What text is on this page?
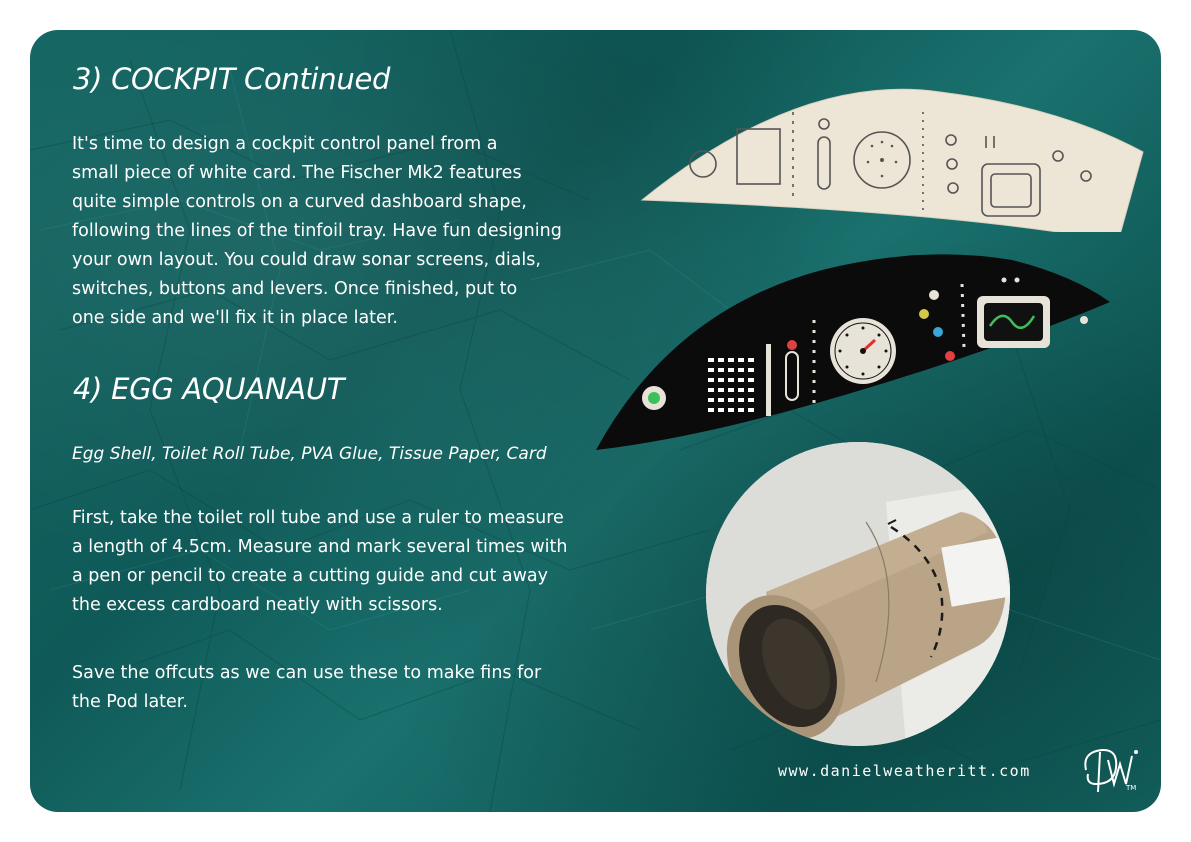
3) COCKPIT Continued
It's time to design a cockpit control panel from a
small piece of white card. The Fischer Mk2 features
quite simple controls on a curved dashboard shape,
following the lines of the tinfoil tray. Have fun designing
your own layout. You could draw sonar screens, dials,
switches, buttons and levers. Once finished, put to
one side and we'll fix it in place later.
4) EGG AQUANAUT
Egg Shell, Toilet Roll Tube, PVA Glue, Tissue Paper, Card
First, take the toilet roll tube and use a ruler to measure
a length of 4.5cm. Measure and mark several times with
a pen or pencil to create a cutting guide and cut away
the excess cardboard neatly with scissors.
Save the offcuts as we can use these to make fins for
the Pod later.
www.danielweatheritt.com
TM
